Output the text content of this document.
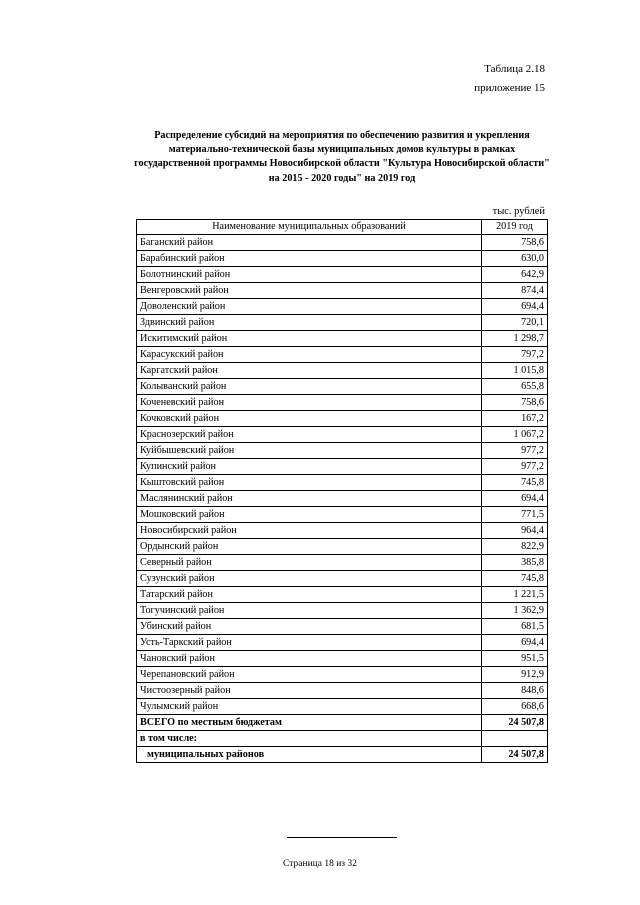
Таблица 2.18
приложение 15
Распределение субсидий на мероприятия по обеспечению развития и укрепления материально-технической базы муниципальных домов культуры в рамках государственной программы Новосибирской области "Культура Новосибирской области" на 2015 - 2020 годы" на 2019 год
тыс. рублей
Наименование муниципальных образований	2019 год
Баганский район	758,6
Барабинский район	630,0
Болотнинский район	642,9
Венгеровский район	874,4
Доволенский район	694,4
Здвинский район	720,1
Искитимский район	1 298,7
Карасукский район	797,2
Каргатский район	1 015,8
Колыванский район	655,8
Коченевский район	758,6
Кочковский район	167,2
Краснозерский район	1 067,2
Куйбышевский район	977,2
Купинский район	977,2
Кыштовский район	745,8
Маслянинский район	694,4
Мошковский район	771,5
Новосибирский район	964,4
Ордынский район	822,9
Северный район	385,8
Сузунский район	745,8
Татарский район	1 221,5
Тогучинский район	1 362,9
Убинский район	681,5
Усть-Таркский район	694,4
Чановский район	951,5
Черепановский район	912,9
Чистоозерный район	848,6
Чулымский район	668,6
ВСЕГО по местным бюджетам	24 507,8
в том числе:	
муниципальных районов	24 507,8
Страница 18 из 32
